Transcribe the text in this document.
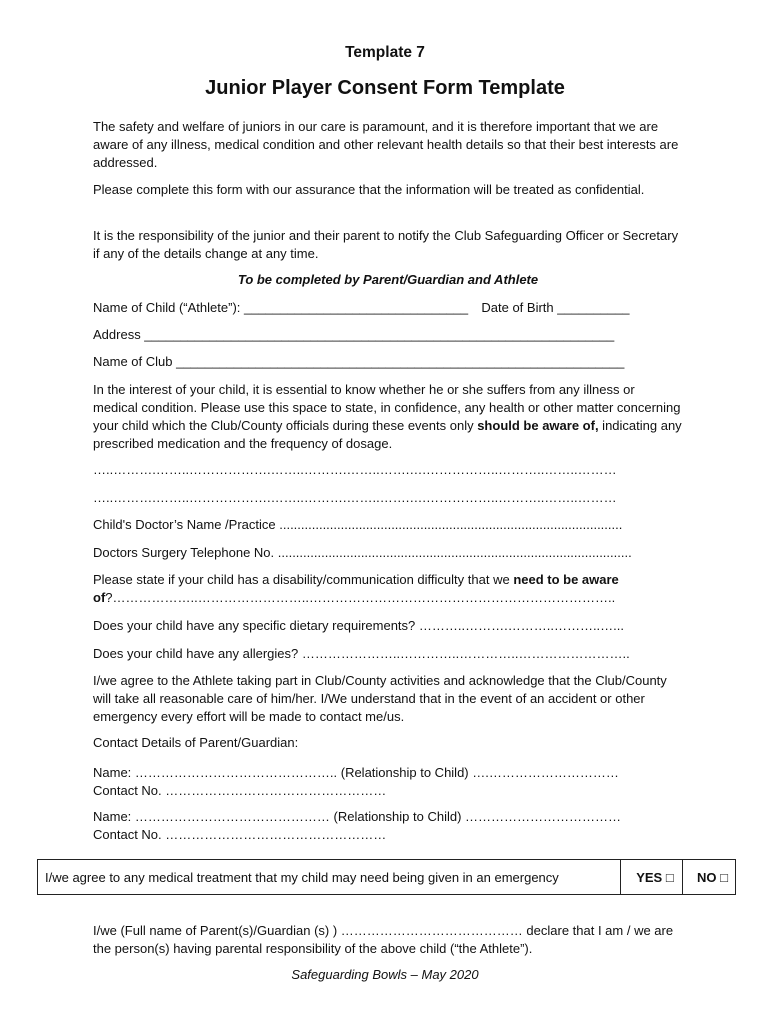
Template 7
Junior Player Consent Form Template
The safety and welfare of juniors in our care is paramount, and it is therefore important that we are aware of any illness, medical condition and other relevant health details so that their best interests are addressed.
Please complete this form with our assurance that the information will be treated as confidential.
It is the responsibility of the junior and their parent to notify the Club Safeguarding Officer or Secretary if any of the details change at any time.
To be completed by Parent/Guardian and Athlete
Name of Child (“Athlete”): _______________________________ Date of Birth __________
Address _________________________________________________________________
Name of Club ______________________________________________________________
In the interest of your child, it is essential to know whether he or she suffers from any illness or medical condition. Please use this space to state, in confidence, any health or other matter concerning your child which the Club/County officials during these events only should be aware of, indicating any prescribed medication and the frequency of dosage.
…..……….……..……………….……..……….……..…….….……………..………..……..………
…..……….……..……………….……..……….……..…….….……………..………..……..………
Child's Doctor’s Name /Practice ...............................................................................................
Doctors Surgery Telephone No. ..................................................................................................
Please state if your child has a disability/communication difficulty that we need to be aware of?………………..……………………..……………………………………………………………..
Does your child have any specific dietary requirements? ………..……….………..………..…...
Does your child have any allergies? …………………..…………..…………..……………………..
I/we agree to the Athlete taking part in Club/County activities and acknowledge that the Club/County will take all reasonable care of him/her. I/We understand that in the event of an accident or other emergency every effort will be made to contact me/us.
Contact Details of Parent/Guardian:
Name: ……………………………………….. (Relationship to Child) ….…………………………
Contact No. ……………………………………………
Name: ……………………………………… (Relationship to Child) ………………………………
Contact No. ……………………………………………
I/we agree to any medical treatment that my child may need being given in an emergency	YES □	NO □
I/we (Full name of Parent(s)/Guardian (s) ) …………………………………… declare that I am / we are the person(s) having parental responsibility of the above child (“the Athlete”).
Safeguarding Bowls – May 2020
